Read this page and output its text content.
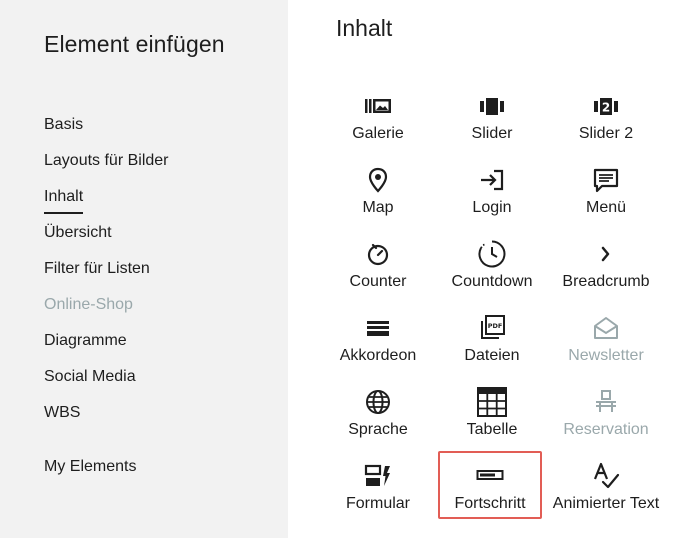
Element einfügen
Basis
Layouts für Bilder
Inhalt
Übersicht
Filter für Listen
Online-Shop
Diagramme
Social Media
WBS
My Elements
Inhalt
Galerie	Slider
2
Slider 2
Map	Login	Menü
Counter	Countdown Breadcrumb
Akkordeon
PDF
Dateien	Newsletter
Sprache	Tabelle	Reservation
Formular	Fortschritt Animierter Text
